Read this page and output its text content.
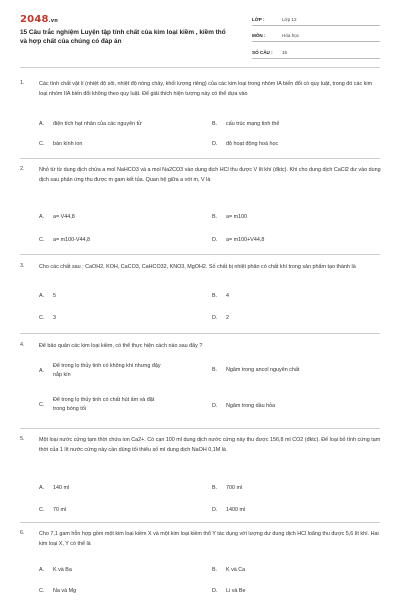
2048.vn
15 Câu trắc nghiệm Luyện tập tính chất của kim loại kiềm , kiềm thổ và hợp chất của chúng có đáp án
LỚP :	Lớp 12
MÔN :	Hóa học
SỐ CÂU :	15
1.	Các tính chất vật lí (nhiệt độ sôi, nhiệt độ nóng chảy, khối lượng riêng) của các kim loại trong nhóm IA biến đổi có quy luật, trong đó các kim loại nhóm IIA biến đổi không theo quy luật. Để giải thích hiện tượng này có thể dựa vào
A.	điện tích hạt nhân của các nguyên tử	B.	cấu trúc mạng tinh thể
C.	bán kính ion	D.	độ hoạt động hoá học
2.	Nhỏ từ từ dung dịch chứa a mol NaHCO3 và a mol Na2CO3 vào dung dịch HCl thu được V lít khí (đktc). Khi cho dung dịch CaCl2 dư vào dung dịch sau phản ứng thu được m gam kết tủa. Quan hệ giữa a với m, V là
A.	a= V44,8	B.	a= m100
C.	a= m100-V44,8	D.	a= m100+V44,8
3.	Cho các chất sau : CaOH2, KOH, CaCO3, CaHCO32, KNO3, MgOH2. Số chất bị nhiệt phân có chất khí trong sản phẩm tạo thành là
A.	5	B.	4
C.	3	D.	2
4.	Để bảo quản các kim loại kiềm, có thể thực hiện cách nào sau đây ?
A.
Để trong lọ thủy tinh có không khí nhưng đậy nắp kín
B.	Ngâm trong ancol nguyên chất
C.
Để trong lọ thủy tinh có chất hút ẩm và đặt trong bóng tối	D.	Ngâm trong dầu hỏa
5.	Một loại nước cứng tạm thời chứa ion Ca2+. Có cạn 100 ml dung dịch nước cứng này thu được 156,8 ml CO2 (đktc). Để loại bỏ tính cứng tạm thời của 1 lít nước cứng này cần dùng tối thiểu số ml dung dịch NaOH 0,1M là
A.	140 ml	B.	700 ml
C.	70 ml	D.	1400 ml
6.	Cho 7,1 gam hỗn hợp gồm một kim loại kiềm X và một kim loại kiềm thổ Y tác dụng với lượng dư dung dịch HCl loãng thu được 5,6 lít khí. Hai kim loại X, Y có thể là
A.	K và Ba	B.	K và Ca
C.	Na và Mg	D.	Li và Be
